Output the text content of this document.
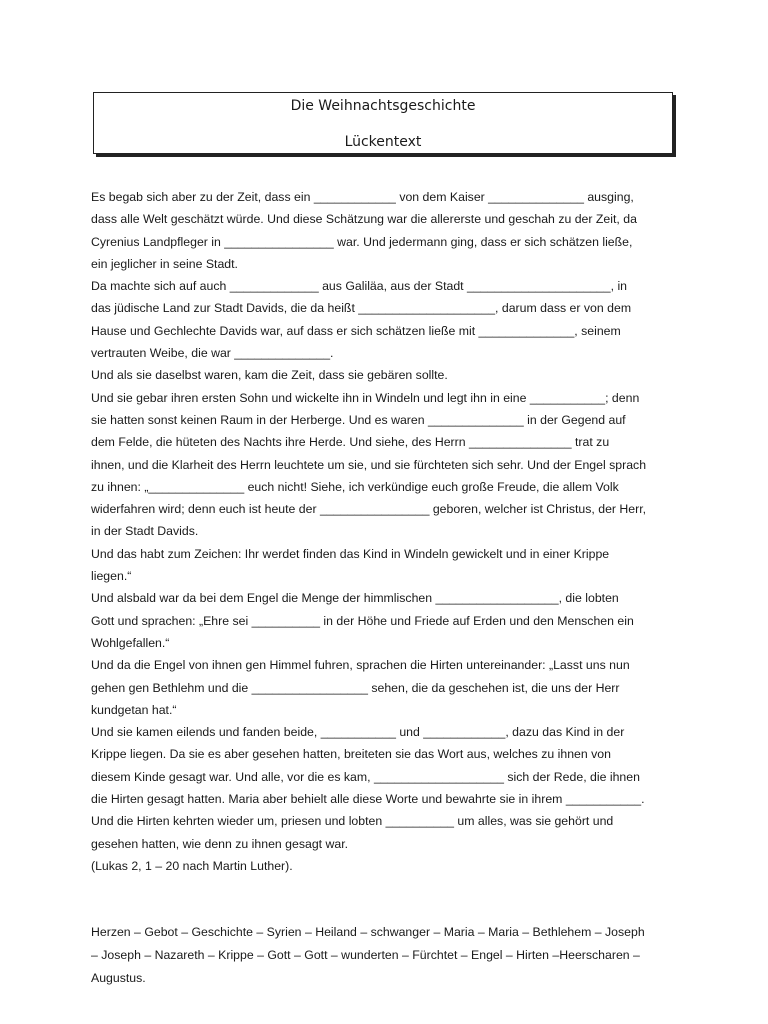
Die Weihnachtsgeschichte
Lückentext

Es begab sich aber zu der Zeit, dass ein ____________ von dem Kaiser ______________ ausging,

dass alle Welt geschätzt würde. Und diese Schätzung war die allererste und geschah zu der Zeit, da

Cyrenius Landpfleger in ________________ war. Und jedermann ging, dass er sich schätzen ließe,

ein jeglicher in seine Stadt.

Da machte sich auf auch _____________ aus Galiläa, aus der Stadt _____________________, in

das jüdische Land zur Stadt Davids, die da heißt ____________________, darum dass er von dem

Hause und Gechlechte Davids war, auf dass er sich schätzen ließe mit ______________, seinem

vertrauten Weibe, die war ______________.

Und als sie daselbst waren, kam die Zeit, dass sie gebären sollte.

Und sie gebar ihren ersten Sohn und wickelte ihn in Windeln und legt ihn in eine ___________; denn

sie hatten sonst keinen Raum in der Herberge. Und es waren ______________ in der Gegend auf

dem Felde, die hüteten des Nachts ihre Herde. Und siehe, des Herrn _______________ trat zu

ihnen, und die Klarheit des Herrn leuchtete um sie, und sie fürchteten sich sehr. Und der Engel sprach

zu ihnen: „______________ euch nicht! Siehe, ich verkündige euch große Freude, die allem Volk

widerfahren wird; denn euch ist heute der ________________ geboren, welcher ist Christus, der Herr,

in der Stadt Davids.

Und das habt zum Zeichen: Ihr werdet finden das Kind in Windeln gewickelt und in einer Krippe

liegen.“

Und alsbald war da bei dem Engel die Menge der himmlischen __________________, die lobten

Gott und sprachen: „Ehre sei __________ in der Höhe und Friede auf Erden und den Menschen ein

Wohlgefallen.“

Und da die Engel von ihnen gen Himmel fuhren, sprachen die Hirten untereinander: „Lasst uns nun

gehen gen Bethlehm und die _________________ sehen, die da geschehen ist, die uns der Herr

kundgetan hat.“

Und sie kamen eilends und fanden beide, ___________ und ____________, dazu das Kind in der

Krippe liegen. Da sie es aber gesehen hatten, breiteten sie das Wort aus, welches zu ihnen von

diesem Kinde gesagt war. Und alle, vor die es kam, ___________________ sich der Rede, die ihnen

die Hirten gesagt hatten. Maria aber behielt alle diese Worte und bewahrte sie in ihrem ___________.

Und die Hirten kehrten wieder um, priesen und lobten __________ um alles, was sie gehört und

gesehen hatten, wie denn zu ihnen gesagt war.

(Lukas 2, 1 – 20 nach Martin Luther).

Herzen – Gebot – Geschichte – Syrien – Heiland – schwanger – Maria – Maria – Bethlehem – Joseph

– Joseph – Nazareth – Krippe – Gott – Gott – wunderten – Fürchtet – Engel – Hirten –Heerscharen –

Augustus.
